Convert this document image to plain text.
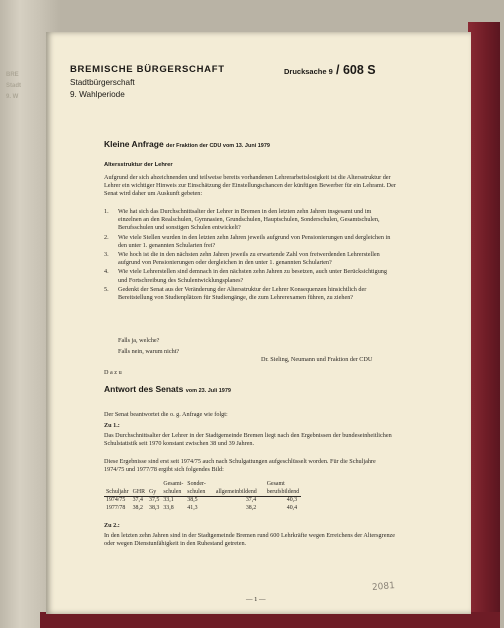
BRE
Stadt
9. W
BREMISCHE BÜRGERSCHAFT
Stadtbürgerschaft
9. Wahlperiode
Drucksache 9 / 608 S
Kleine Anfrage der Fraktion der CDU vom 13. Juni 1979
Altersstruktur der Lehrer
Aufgrund der sich abzeichnenden und teilweise bereits vorhandenen Lehrerarbeitslosigkeit ist die Altersstruktur der Lehrer ein wichtiger Hinweis zur Einschätzung der Einstellungschancen der künftigen Bewerber für ein Lehramt. Der Senat wird daher um Auskunft gebeten:
1. Wie hat sich das Durchschnittsalter der Lehrer in Bremen in den letzten zehn Jahren insgesamt und im einzelnen an den Realschulen, Gymnasien, Grundschulen, Hauptschulen, Sonderschulen, Gesamtschulen, Berufsschulen und sonstigen Schulen entwickelt?
2. Wie viele Stellen wurden in den letzten zehn Jahren jeweils aufgrund von Pensionierungen und dergleichen in den unter 1. genannten Schularten frei?
3. Wie hoch ist die in den nächsten zehn Jahren jeweils zu erwartende Zahl von freiwerdenden Lehrerstellen aufgrund von Pensionierungen oder dergleichen in den unter 1. genannten Schularten?
4. Wie viele Lehrerstellen sind demnach in den nächsten zehn Jahren zu besetzen, auch unter Berücksichtigung und Fortschreibung des Schulentwicklungsplanes?
5. Gedenkt der Senat aus der Veränderung der Altersstruktur der Lehrer Konsequenzen hinsichtlich der Bereitstellung von Studienplätzen für Studiengänge, die zum Lehrerexamen führen, zu ziehen?
Falls ja, welche?
Falls nein, warum nicht?
Dr. Sieling, Neumann und Fraktion der CDU
D a z u
Antwort des Senats vom 23. Juli 1979
Der Senat beantwortet die o. g. Anfrage wie folgt:
Zu 1.:
Das Durchschnittsalter der Lehrer in der Stadtgemeinde Bremen liegt nach den Ergebnissen der bundeseinheitlichen Schulstatistik seit 1970 konstant zwischen 38 und 39 Jahren.
Diese Ergebnisse sind erst seit 1974/75 auch nach Schulgattungen aufgeschlüsselt worden. Für die Schuljahre 1974/75 und 1977/78 ergibt sich folgendes Bild:

Schuljahr	GHR	Gy	Gesamt-
schulen	Sonder-
schulen	allgemeinbildend	Gesamt
berufsbildend
1974/75	37,4	37,5	33,1	38,5	37,4	40,3
1977/78	38,2	38,3	33,8	41,3	38,2	40,4
Zu 2.:
In den letzten zehn Jahren sind in der Stadtgemeinde Bremen rund 600 Lehrkräfte wegen Erreichens der Altersgrenze oder wegen Dienstunfähigkeit in den Ruhestand getreten.
— 1 —
2081
